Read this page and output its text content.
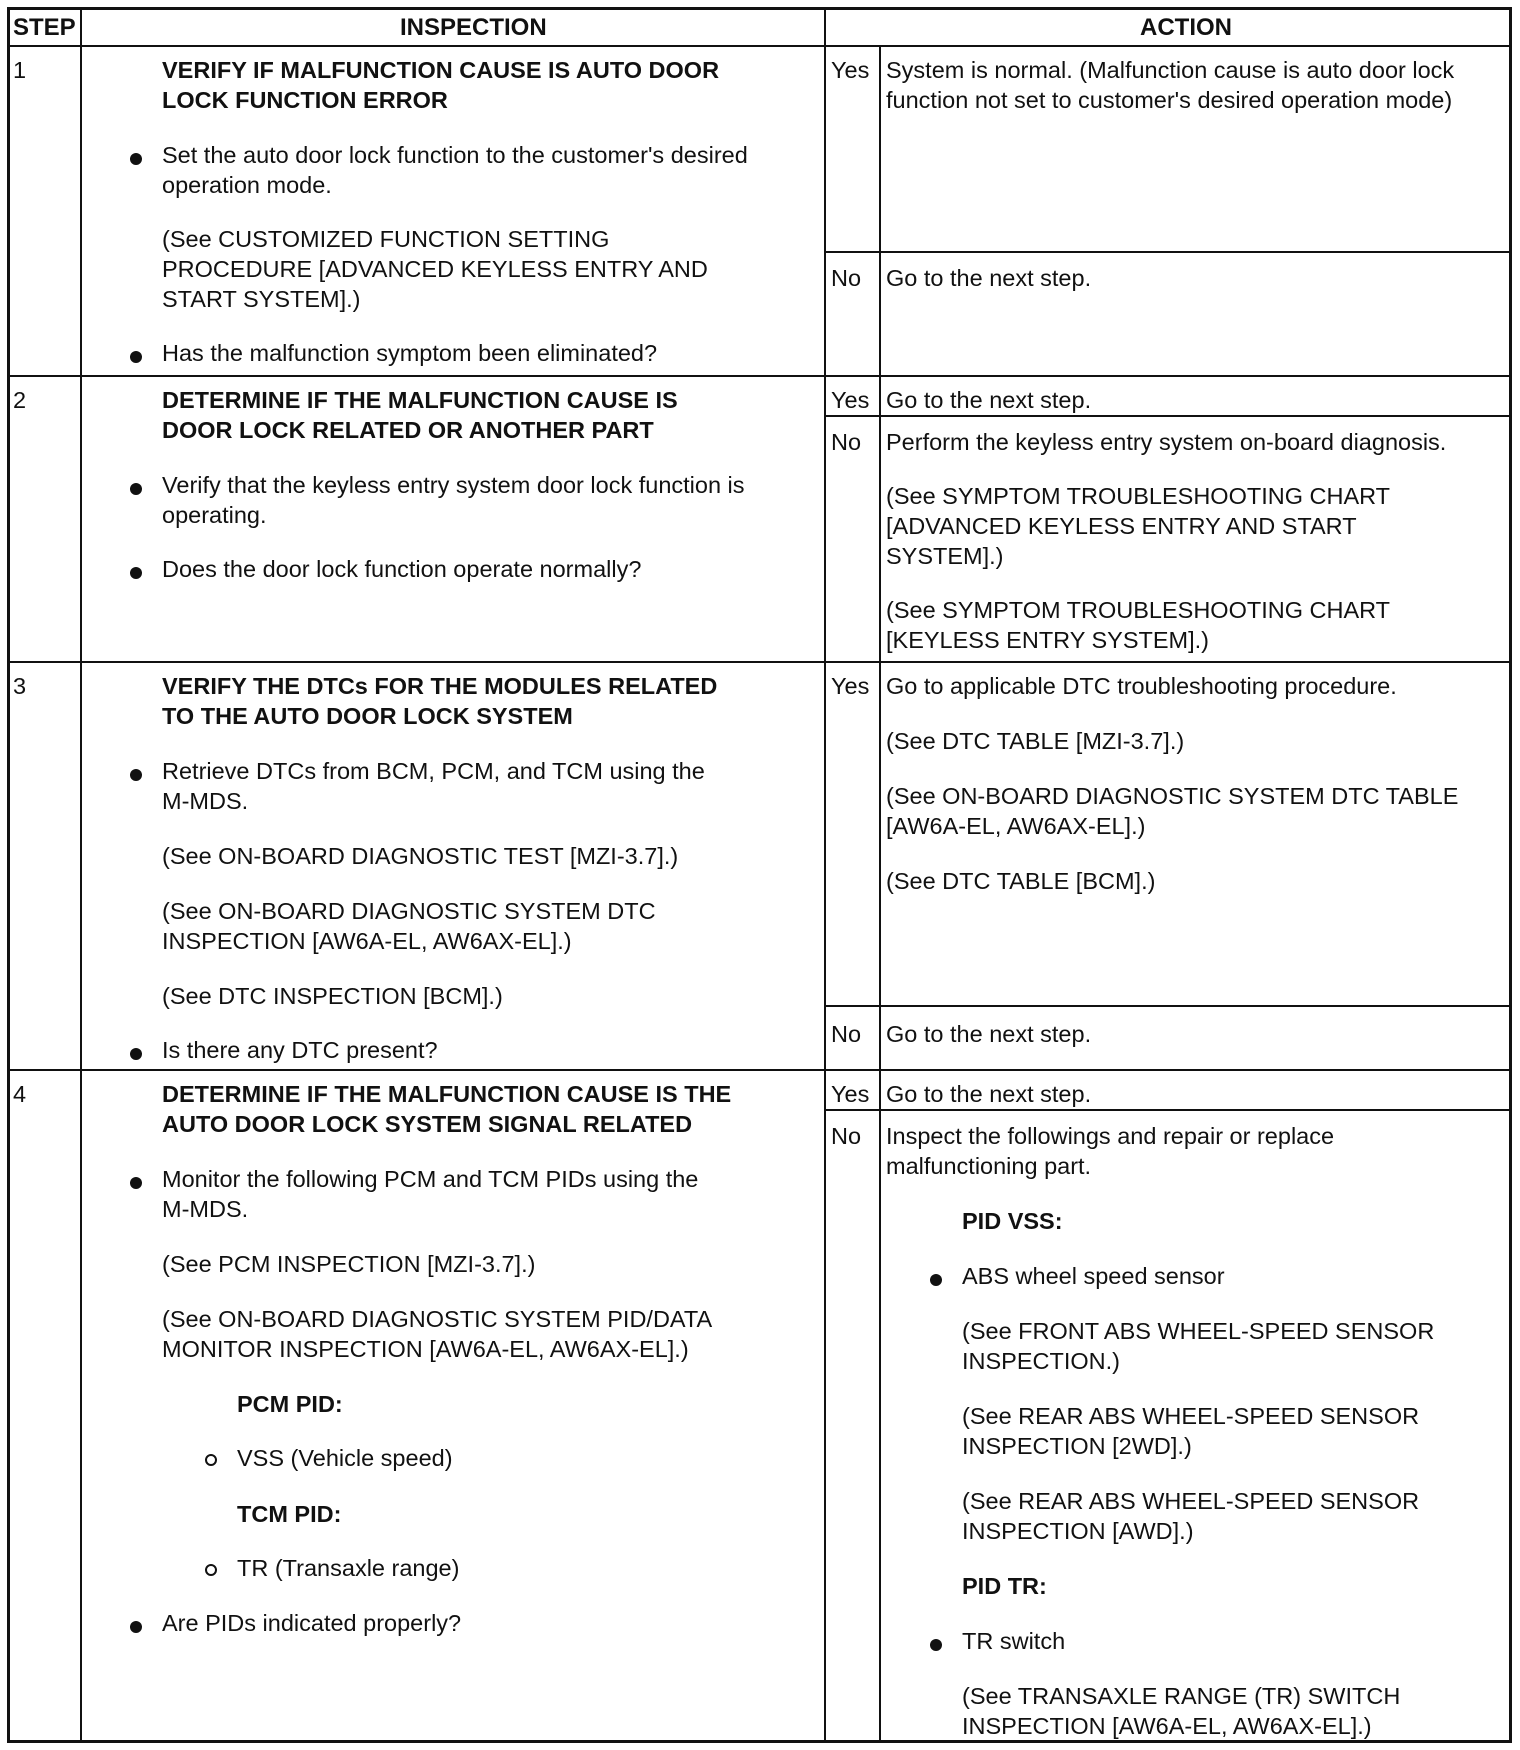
STEP	INSPECTION	ACTION
1	VERIFY IF MALFUNCTION CAUSE IS AUTO DOOR
LOCK FUNCTION ERROR
Set the auto door lock function to the customer's desired
operation mode.
(See CUSTOMIZED FUNCTION SETTING
PROCEDURE [ADVANCED KEYLESS ENTRY AND
START SYSTEM].)
Has the malfunction symptom been eliminated?
Yes System is normal. (Malfunction cause is auto door lock
function not set to customer's desired operation mode)
No Go to the next step.
2	DETERMINE IF THE MALFUNCTION CAUSE IS
DOOR LOCK RELATED OR ANOTHER PART
Verify that the keyless entry system door lock function is
operating.
Does the door lock function operate normally?
Yes Go to the next step.
No Perform the keyless entry system on-board diagnosis.
(See SYMPTOM TROUBLESHOOTING CHART
[ADVANCED KEYLESS ENTRY AND START
SYSTEM].)
(See SYMPTOM TROUBLESHOOTING CHART
[KEYLESS ENTRY SYSTEM].)
3	VERIFY THE DTCs FOR THE MODULES RELATED
TO THE AUTO DOOR LOCK SYSTEM
Retrieve DTCs from BCM, PCM, and TCM using the
M-MDS.
(See ON-BOARD DIAGNOSTIC TEST [MZI-3.7].)
(See ON-BOARD DIAGNOSTIC SYSTEM DTC
INSPECTION [AW6A-EL, AW6AX-EL].)
(See DTC INSPECTION [BCM].)
Is there any DTC present?
Yes Go to applicable DTC troubleshooting procedure.
(See DTC TABLE [MZI-3.7].)
(See ON-BOARD DIAGNOSTIC SYSTEM DTC TABLE
[AW6A-EL, AW6AX-EL].)
(See DTC TABLE [BCM].)
No Go to the next step.
4	DETERMINE IF THE MALFUNCTION CAUSE IS THE
AUTO DOOR LOCK SYSTEM SIGNAL RELATED
Monitor the following PCM and TCM PIDs using the
M-MDS.
(See PCM INSPECTION [MZI-3.7].)
(See ON-BOARD DIAGNOSTIC SYSTEM PID/DATA
MONITOR INSPECTION [AW6A-EL, AW6AX-EL].)
PCM PID:
VSS (Vehicle speed)
TCM PID:
TR (Transaxle range)
Are PIDs indicated properly?
Yes Go to the next step.
No Inspect the followings and repair or replace
malfunctioning part.
PID VSS:
ABS wheel speed sensor
(See FRONT ABS WHEEL-SPEED SENSOR
INSPECTION.)
(See REAR ABS WHEEL-SPEED SENSOR
INSPECTION [2WD].)
(See REAR ABS WHEEL-SPEED SENSOR
INSPECTION [AWD].)
PID TR:
TR switch
(See TRANSAXLE RANGE (TR) SWITCH
INSPECTION [AW6A-EL, AW6AX-EL].)
